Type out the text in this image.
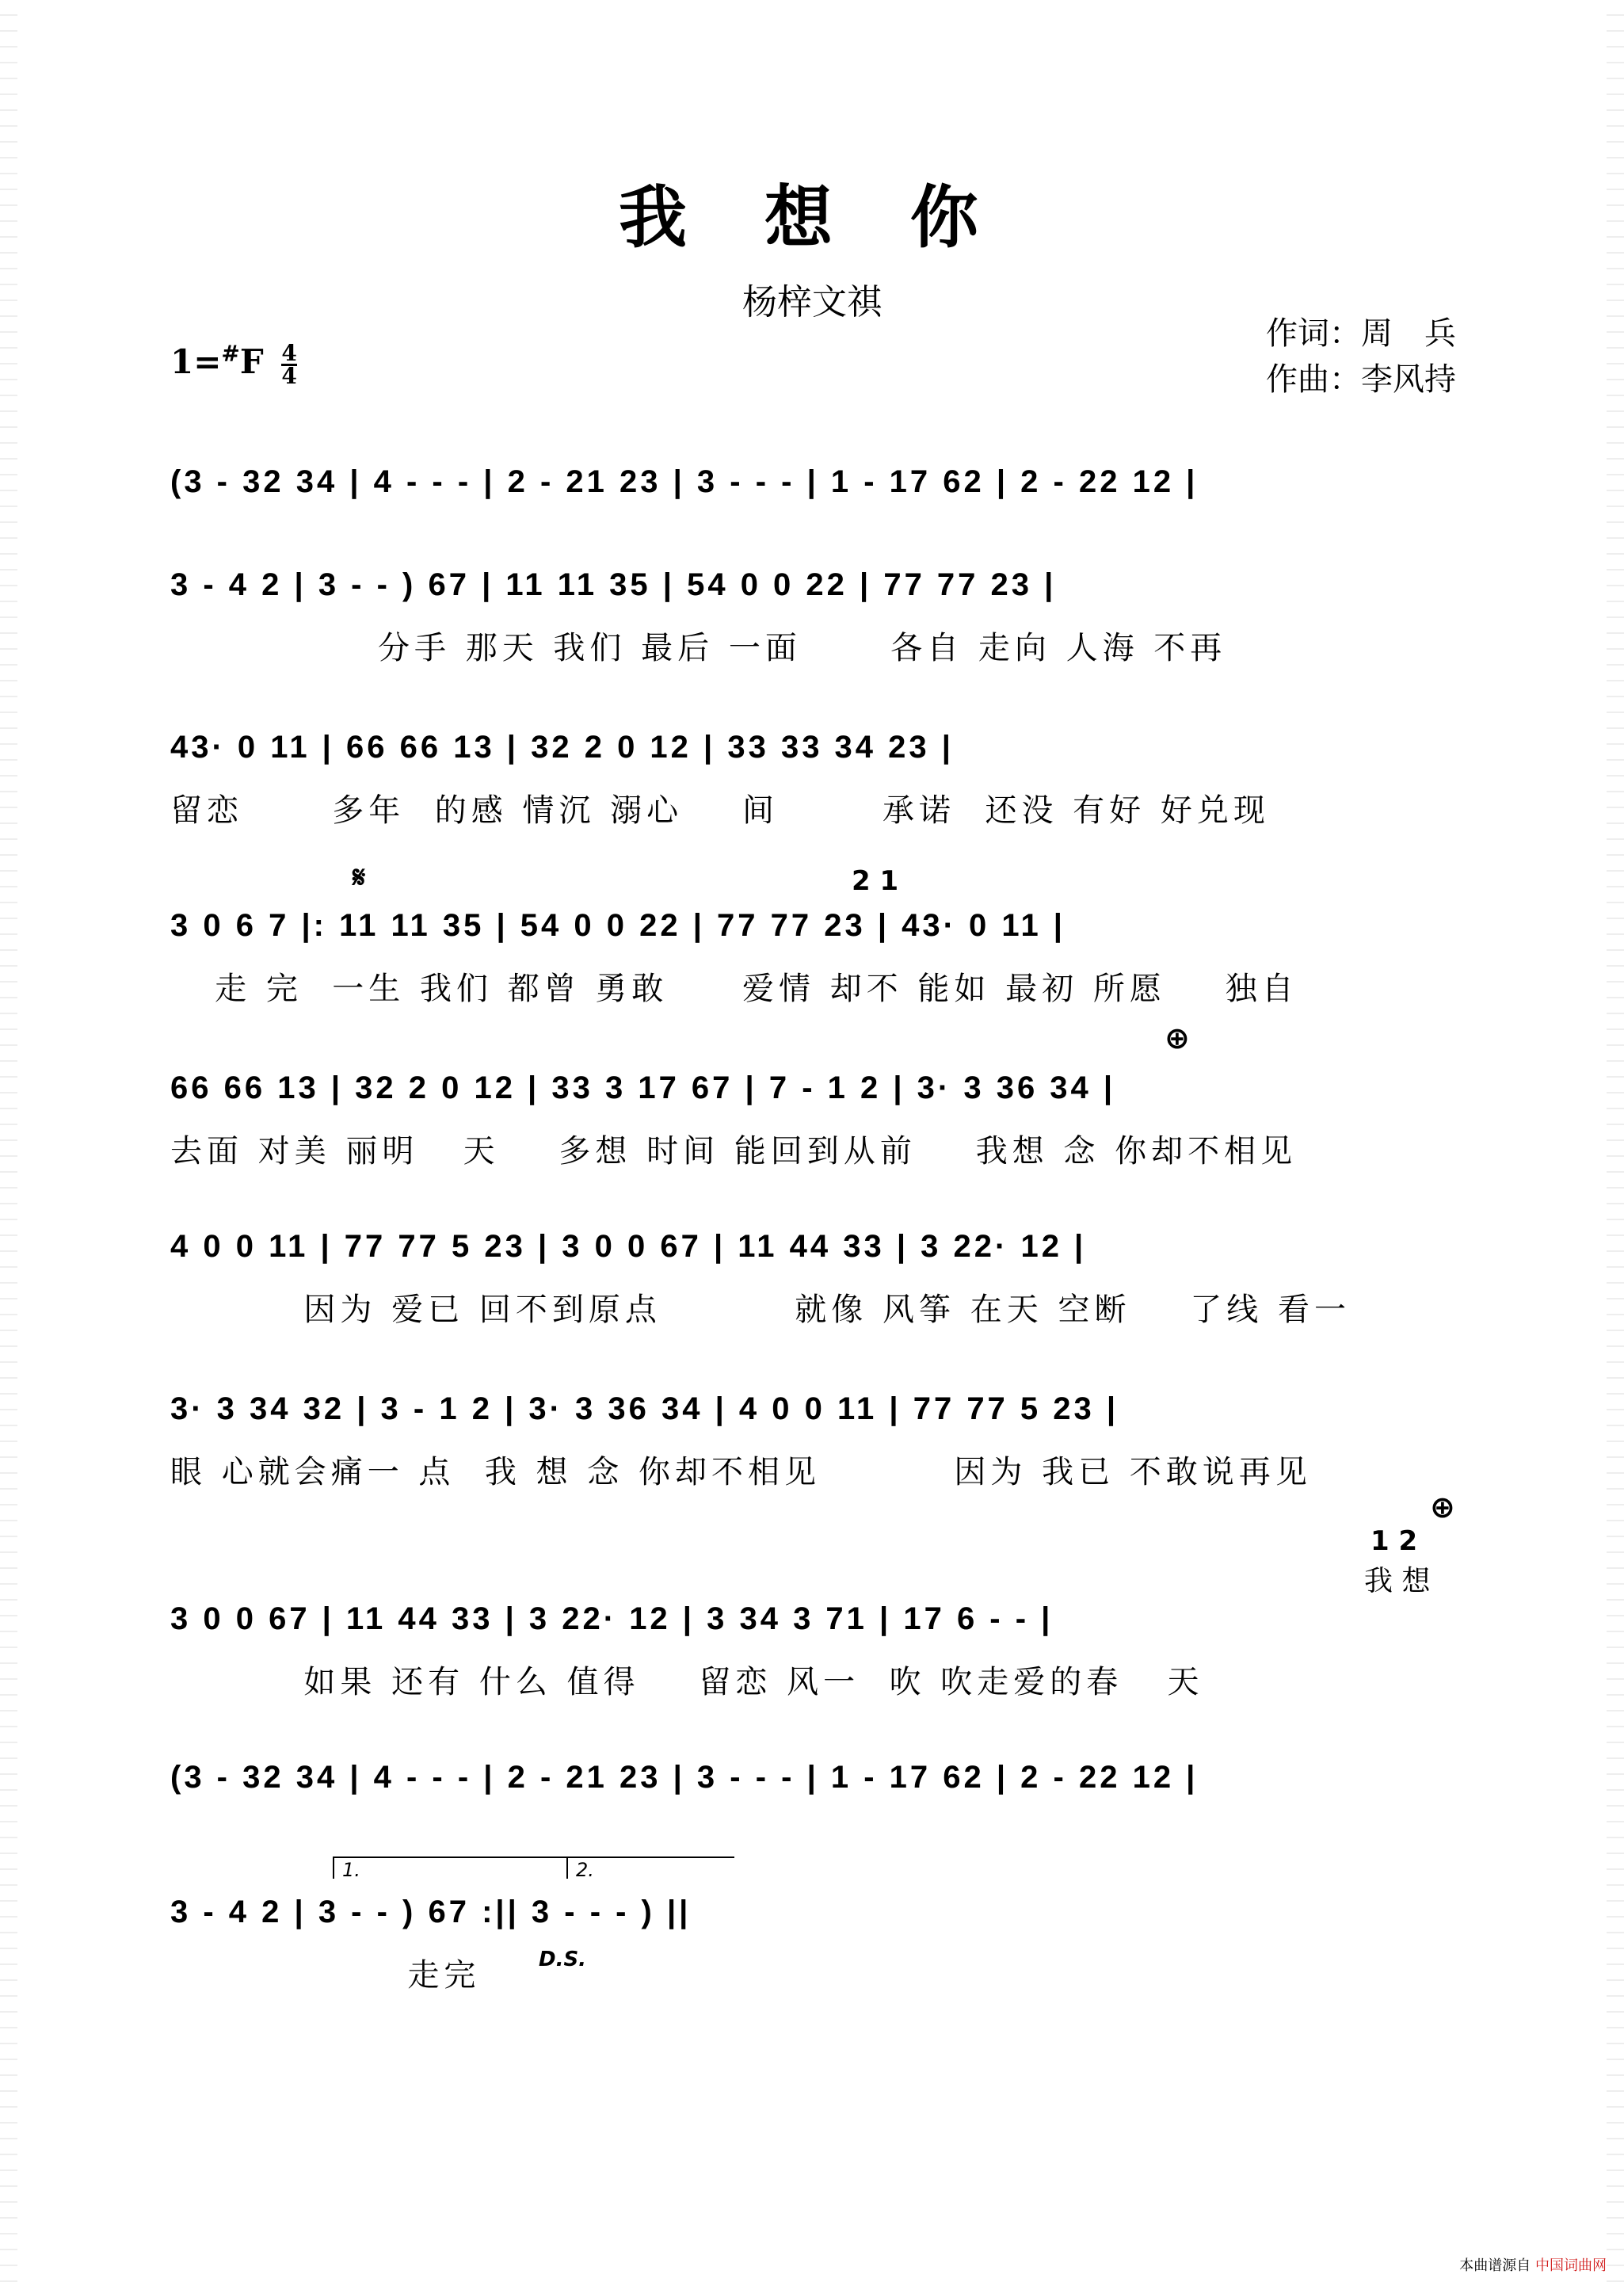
我 想 你
杨梓文祺
作词：周　兵
作曲：李风持
$1=^{\#}F \frac{4}{4}$
(3 - 32 34 | 4 - - - | 2 - 21 23 | 3 - - - | 1 - 17 62 | 2 - 22 12 |
3 - 4 2 | 3 - - ) 67 | 11 11 35 | 54 0 0 22 | 77 77 23 |
分手 那天 我们 最后 一面      各自 走向 人海 不再
43· 0 11 | 66 66 13 | 32 2 0 12 | 33 33 34 23 |
留恋      多年  的感 情沉 溺心    间       承诺  还没 有好 好兑现
3 0 6 7 |: 11 11 35 | 54 0 0 22 | 77 77 23 | 43· 0 11 |
走 完  一生 我们 都曾 勇敢     爱情 却不 能如 最初 所愿    独自
66 66 13 | 32 2 0 12 | 33 3 17 67 | 7 - 1 2 | 3· 3 36 34 |
去面 对美 丽明   天    多想 时间 能回到从前    我想 念 你却不相见
4 0 0 11 | 77 77 5 23 | 3 0 0 67 | 11 44 33 | 3 22· 12 |
因为 爱已 回不到原点         就像 风筝 在天 空断    了线 看一
3· 3 34 32 | 3 - 1 2 | 3· 3 36 34 | 4 0 0 11 | 77 77 5 23 |
眼 心就会痛一 点  我 想 念 你却不相见         因为 我已 不敢说再见
3 0 0 67 | 11 44 33 | 3 22· 12 | 3 34 3 71 | 17 6 - - |
如果 还有 什么 值得    留恋 风一  吹 吹走爱的春   天
(3 - 32 34 | 4 - - - | 2 - 21 23 | 3 - - - | 1 - 17 62 | 2 - 22 12 |
3 - 4 2 | 3 - - ) 67 :|| 3 - - - ) ||
走完
𝄋	2 1
⊕
⊕
1 2
我 想
1.	2.
D.S.
本曲谱源自 中国词曲网
